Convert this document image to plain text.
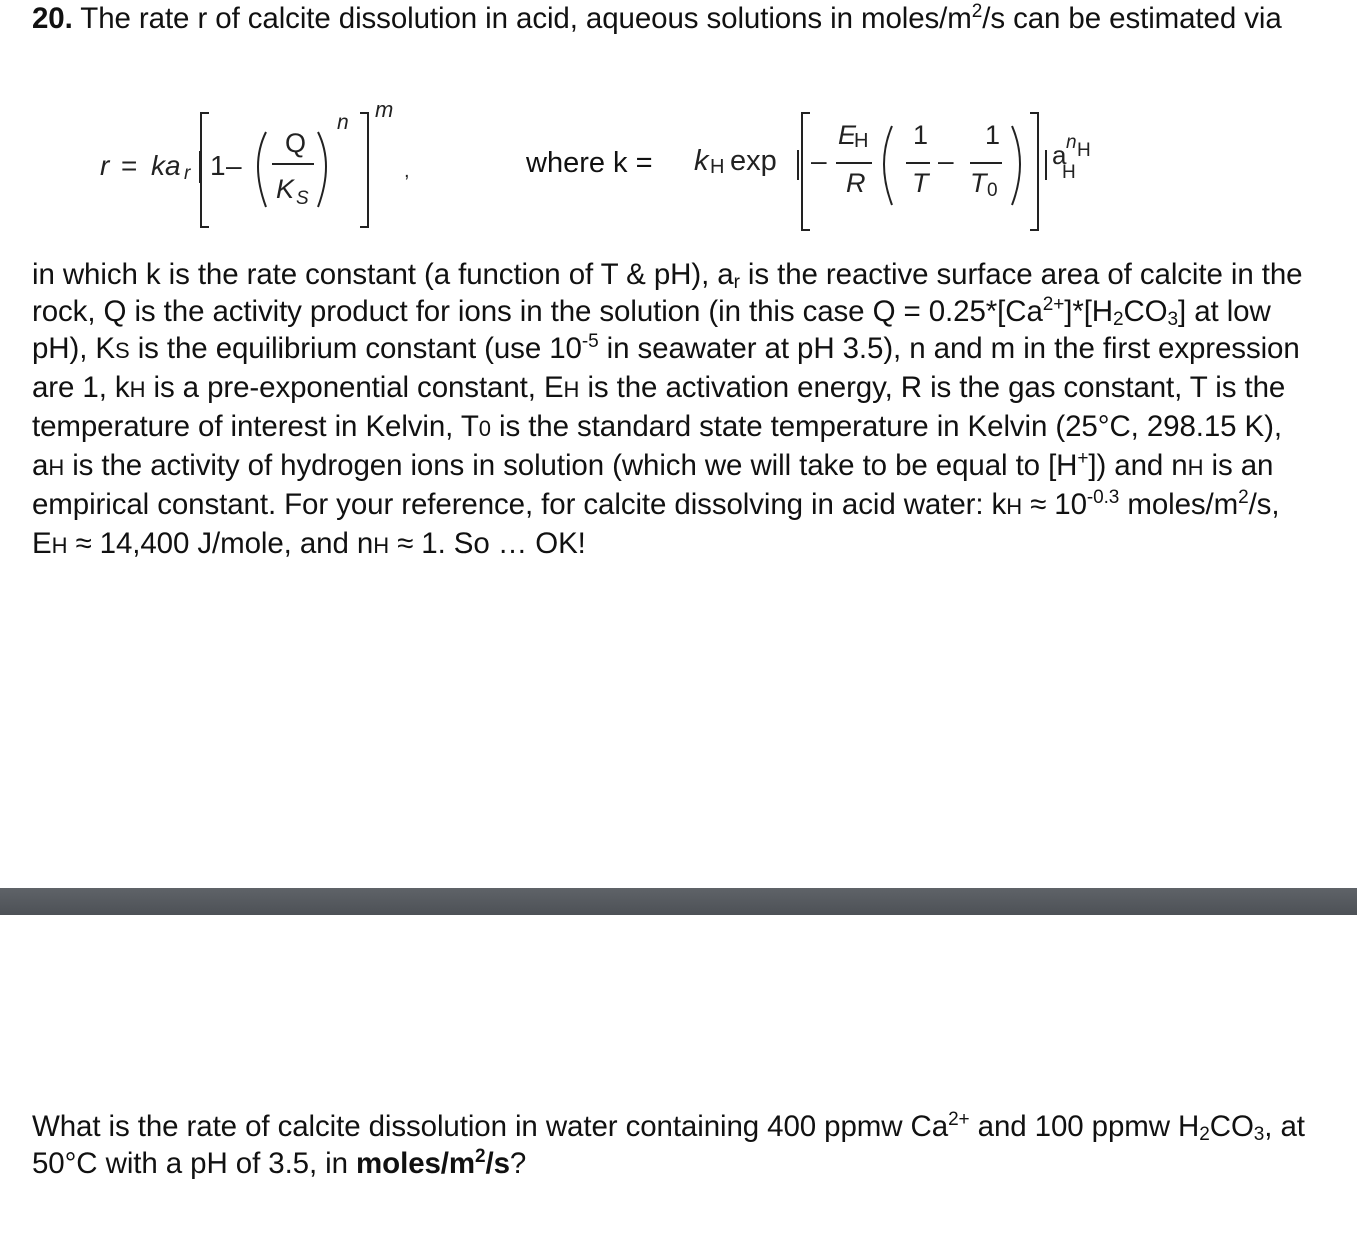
20. The rate r of calcite dissolution in acid, aqueous solutions in moles/$m^2/s$ can be estimated via
r = ka r 1 –
Q
K S
n
m
,	where k = k H exp –
E
H
R
1
T
–
1
T 0
a
H
n H
in which k is the rate constant (a function of T & pH), $a_r$ is the reactive surface area of calcite in the rock, Q is the activity product for ions in the solution (in this case $Q = 0.25*[Ca^{2+}]*[H_2CO_3]$ at low pH), KS is the equilibrium constant (use $10^{-5}$ in seawater at pH 3.5), n and m in the first expression are 1, kH is a pre-exponential constant, EH is the activation energy, R is the gas constant, T is the temperature of interest in Kelvin, T0 is the standard state temperature in Kelvin (25°C, 298.15 K), aH is the activity of hydrogen ions in solution (which we will take to be equal to [H+]) and nH is an empirical constant. For your reference, for calcite dissolving in acid water: kH ≈ $10^{-0.3}$ moles/$m^2/s$, EH ≈ 14,400 J/mole, and nH ≈ 1. So … OK!
What is the rate of calcite dissolution in water containing 400 ppmw $Ca^{2+}$ and 100 ppmw $H_2CO_3$, at 50°C with a pH of 3.5, in moles/$m^2/s$?
